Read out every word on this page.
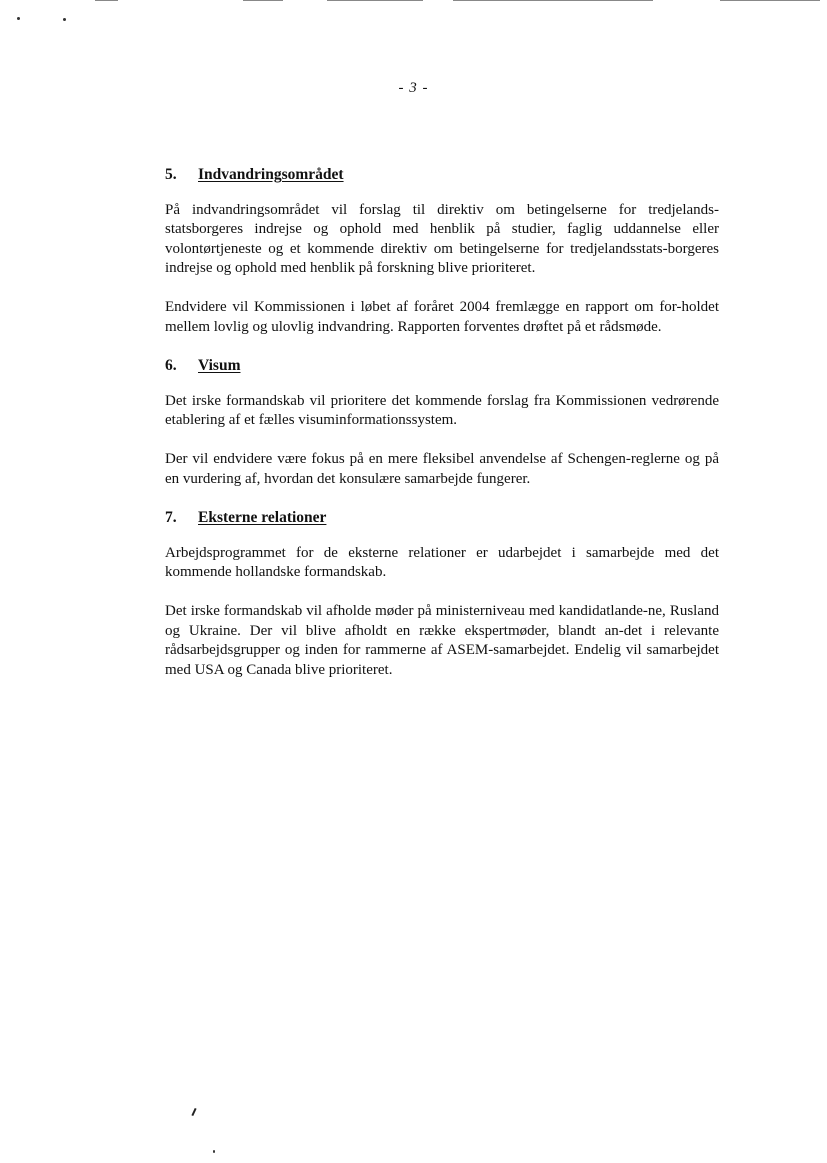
- 3 -
5.	Indvandringsområdet

På indvandringsområdet vil forslag til direktiv om betingelserne for tredjelands-statsborgeres indrejse og ophold med henblik på studier, faglig uddannelse eller volontørtjeneste og et kommende direktiv om betingelserne for tredjelandsstats-borgeres indrejse og ophold med henblik på forskning blive prioriteret.

Endvidere vil Kommissionen i løbet af foråret 2004 fremlægge en rapport om for-holdet mellem lovlig og ulovlig indvandring. Rapporten forventes drøftet på et rådsmøde.

6.	Visum

Det irske formandskab vil prioritere det kommende forslag fra Kommissionen vedrørende etablering af et fælles visuminformationssystem.

Der vil endvidere være fokus på en mere fleksibel anvendelse af Schengen-reglerne og på en vurdering af, hvordan det konsulære samarbejde fungerer.

7.	Eksterne relationer

Arbejdsprogrammet for de eksterne relationer er udarbejdet i samarbejde med det kommende hollandske formandskab.

Det irske formandskab vil afholde møder på ministerniveau med kandidatlande-ne, Rusland og Ukraine. Der vil blive afholdt en række ekspertmøder, blandt an-det i relevante rådsarbejdsgrupper og inden for rammerne af ASEM-samarbejdet. Endelig vil samarbejdet med USA og Canada blive prioriteret.
